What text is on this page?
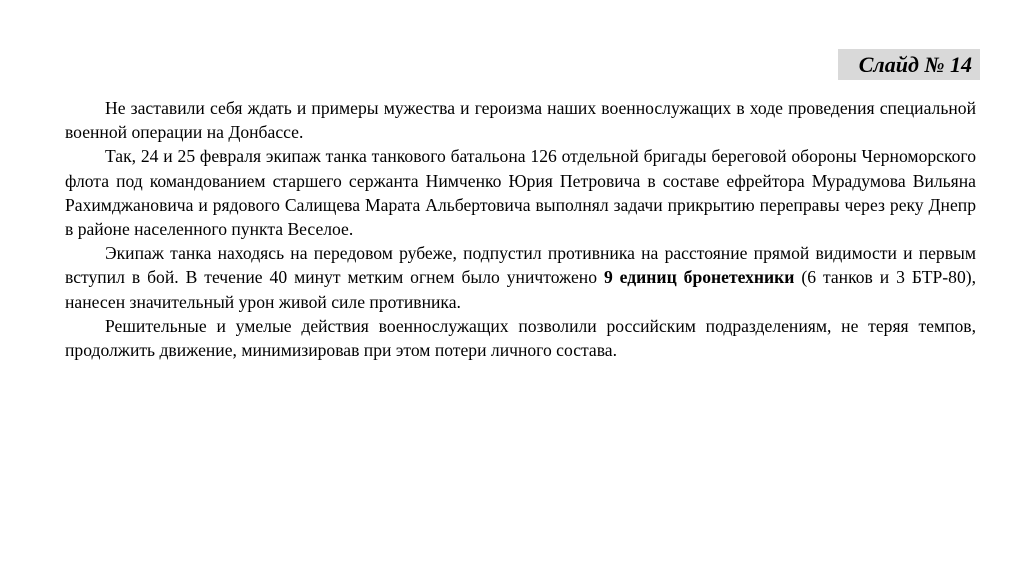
Слайд № 14

Не заставили себя ждать и примеры мужества и героизма наших военнослужащих в ходе проведения специальной военной операции на Донбассе.

Так, 24 и 25 февраля экипаж танка танкового батальона 126 отдельной бригады береговой обороны Черноморского флота под командованием старшего сержанта Нимченко Юрия Петровича в составе ефрейтора Мурадумова Вильяна Рахимджановича и рядового Салищева Марата Альбертовича выполнял задачи прикрытию переправы через реку Днепр в районе населенного пункта Веселое.

Экипаж танка находясь на передовом рубеже, подпустил противника на расстояние прямой видимости и первым вступил в бой. В течение 40 минут метким огнем было уничтожено 9 единиц бронетехники (6 танков и 3 БТР-80), нанесен значительный урон живой силе противника.

Решительные и умелые действия военнослужащих позволили российским подразделениям, не теряя темпов, продолжить движение, минимизировав при этом потери личного состава.
